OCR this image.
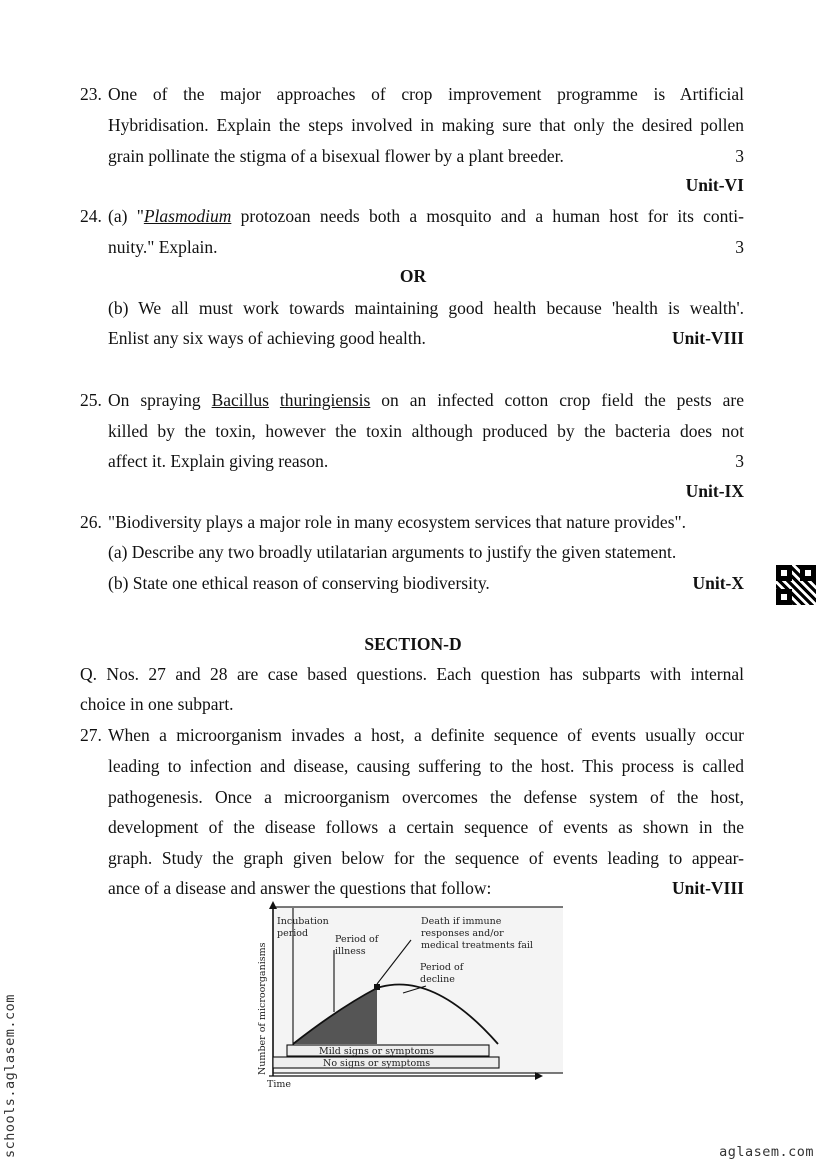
23. One of the major approaches of crop improvement programme is Artificial
Hybridisation. Explain the steps involved in making sure that only the desired pollen
grain pollinate the stigma of a bisexual flower by a plant breeder.	3
Unit-VI
24. (a) "Plasmodium protozoan needs both a mosquito and a human host for its conti-
nuity." Explain.	3
OR
(b) We all must work towards maintaining good health because 'health is wealth'.
Enlist any six ways of achieving good health.	Unit-VIII
25. On spraying Bacillus thuringiensis on an infected cotton crop field the pests are
killed by the toxin, however the toxin although produced by the bacteria does not
affect it. Explain giving reason.	3
Unit-IX
26. "Biodiversity plays a major role in many ecosystem services that nature provides".
(a) Describe any two broadly utilatarian arguments to justify the given statement.
(b) State one ethical reason of conserving biodiversity.	Unit-X
SECTION-D
Q. Nos. 27 and 28 are case based questions. Each question has subparts with internal
choice in one subpart.
27. When a microorganism invades a host, a definite sequence of events usually occur
leading to infection and disease, causing suffering to the host. This process is called
pathogenesis. Once a microorganism overcomes the defense system of the host,
development of the disease follows a certain sequence of events as shown in the
graph. Study the graph given below for the sequence of events leading to appear-
ance of a disease and answer the questions that follow:	Unit-VIII
Incubation
period
Period of
illness
Death if immune
responses and/or
medical treatments fail
Period of
decline
Mild signs or symptoms
No signs or symptoms
Number of microorganisms
Time
schools.aglasem.com	aglasem.com
